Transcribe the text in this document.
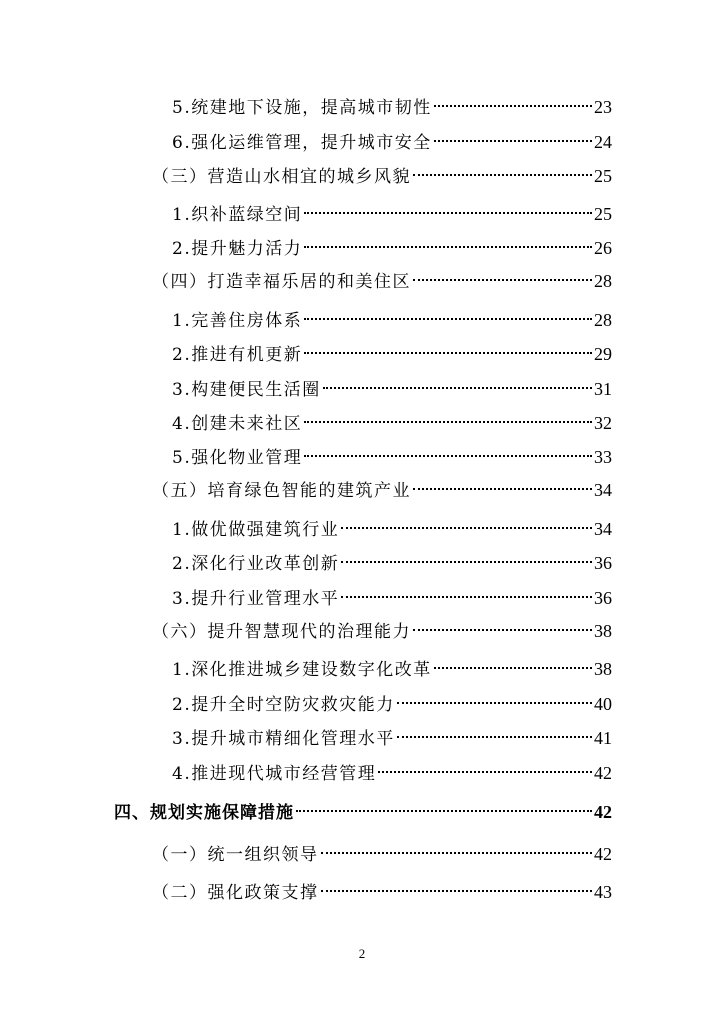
5.统建地下设施，提高城市韧性	23
6.强化运维管理，提升城市安全	24
（三）营造山水相宜的城乡风貌	25
1.织补蓝绿空间	25
2.提升魅力活力	26
（四）打造幸福乐居的和美住区	28
1.完善住房体系	28
2.推进有机更新	29
3.构建便民生活圈	31
4.创建未来社区	32
5.强化物业管理	33
（五）培育绿色智能的建筑产业	34
1.做优做强建筑行业	34
2.深化行业改革创新	36
3.提升行业管理水平	36
（六）提升智慧现代的治理能力	38
1.深化推进城乡建设数字化改革	38
2.提升全时空防灾救灾能力	40
3.提升城市精细化管理水平	41
4.推进现代城市经营管理	42
四、规划实施保障措施	42
（一）统一组织领导	42
（二）强化政策支撑	43
2
